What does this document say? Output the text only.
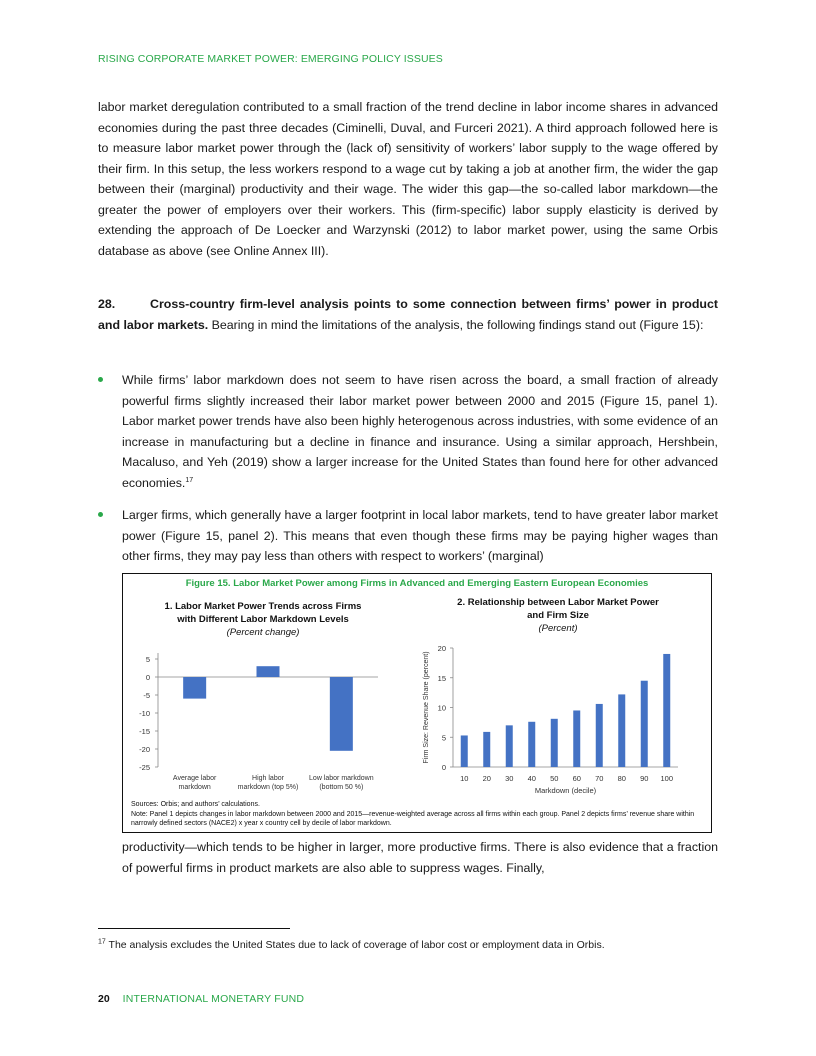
RISING CORPORATE MARKET POWER: EMERGING POLICY ISSUES
labor market deregulation contributed to a small fraction of the trend decline in labor income shares in advanced economies during the past three decades (Ciminelli, Duval, and Furceri 2021). A third approach followed here is to measure labor market power through the (lack of) sensitivity of workers’ labor supply to the wage offered by their firm. In this setup, the less workers respond to a wage cut by taking a job at another firm, the wider the gap between their (marginal) productivity and their wage. The wider this gap—the so-called labor markdown—the greater the power of employers over their workers. This (firm-specific) labor supply elasticity is derived by extending the approach of De Loecker and Warzynski (2012) to labor market power, using the same Orbis database as above (see Online Annex III).
28.	Cross-country firm-level analysis points to some connection between firms’ power in product and labor markets. Bearing in mind the limitations of the analysis, the following findings stand out (Figure 15):
While firms’ labor markdown does not seem to have risen across the board, a small fraction of already powerful firms slightly increased their labor market power between 2000 and 2015 (Figure 15, panel 1). Labor market power trends have also been highly heterogenous across industries, with some evidence of an increase in manufacturing but a decline in finance and insurance. Using a similar approach, Hershbein, Macaluso, and Yeh (2019) show a larger increase for the United States than found here for other advanced economies.$^{17}$
Larger firms, which generally have a larger footprint in local labor markets, tend to have greater labor market power (Figure 15, panel 2). This means that even though these firms may be paying higher wages than other firms, they may pay less than others with respect to workers’ (marginal)
Figure 15. Labor Market Power among Firms in Advanced and Emerging Eastern European Economies
1. Labor Market Power Trends across Firms
with Different Labor Markdown Levels
(Percent change)
2. Relationship between Labor Market Power
and Firm Size
(Percent)
5
0
-5
-10
-15
-20
-25
Average labor
markdown
High labor
markdown (top 5%)
Low labor markdown
(bottom 50 %)
0
5
10
15
20
10 20 30 40 50 60 70 80 90 100
Markdown (decile)
Firm Size: Revenue Share (percent)
Sources: Orbis; and authors’ calculations.
Note: Panel 1 depicts changes in labor markdown between 2000 and 2015—revenue-weighted average across all firms within each group. Panel 2 depicts firms’ revenue share within narrowly defined sectors (NACE2) x year x country cell by decile of labor markdown.
productivity—which tends to be higher in larger, more productive firms. There is also evidence that a fraction of powerful firms in product markets are also able to suppress wages. Finally,
$^{17}$ The analysis excludes the United States due to lack of coverage of labor cost or employment data in Orbis.
20 INTERNATIONAL MONETARY FUND
